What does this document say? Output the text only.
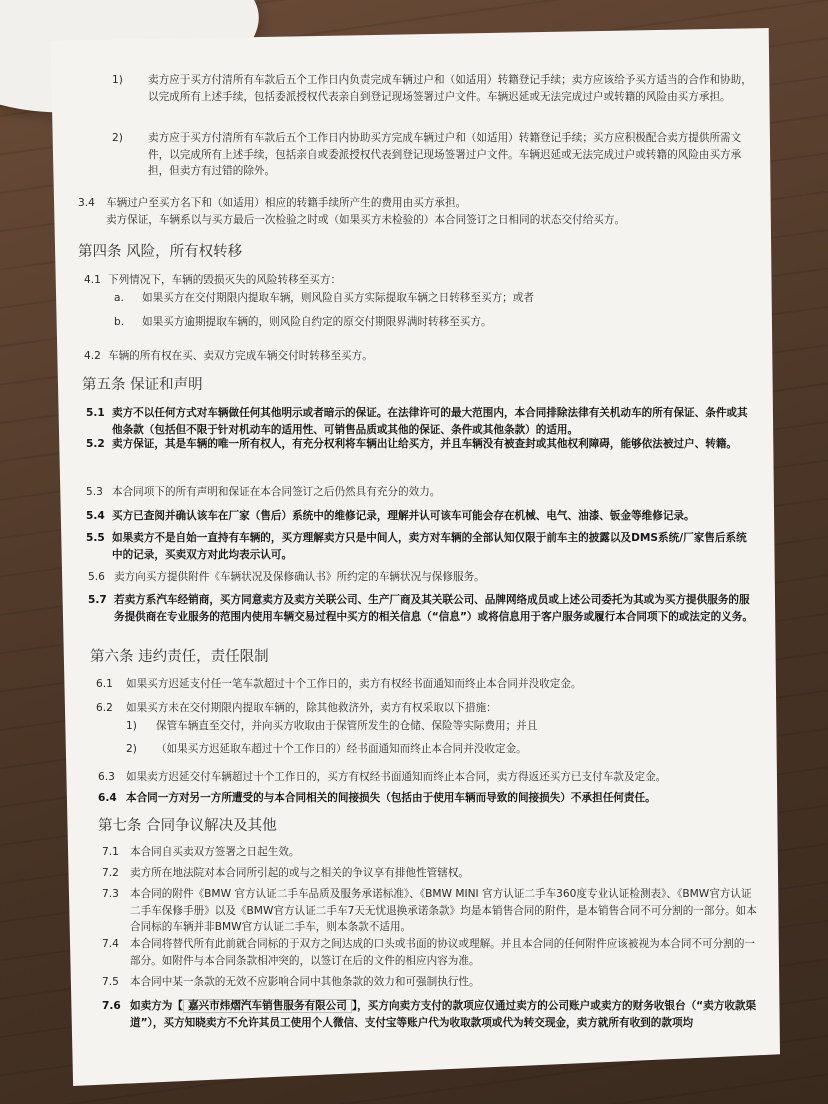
1)	卖方应于买方付清所有车款后五个工作日内负责完成车辆过户和（如适用）转籍登记手续；卖方应该给予买方适当的合作和协助，以完成所有上述手续，包括委派授权代表亲自到登记现场签署过户文件。车辆迟延或无法完成过户或转籍的风险由买方承担。
2)	卖方应于买方付清所有车款后五个工作日内协助买方完成车辆过户和（如适用）转籍登记手续；买方应积极配合卖方提供所需文件，以完成所有上述手续，包括亲自或委派授权代表到登记现场签署过户文件。车辆迟延或无法完成过户或转籍的风险由买方承担，但卖方有过错的除外。
3.4	车辆过户至买方名下和（如适用）相应的转籍手续所产生的费用由买方承担。
卖方保证，车辆系以与买方最后一次检验之时或（如果买方未检验的）本合同签订之日相同的状态交付给买方。
第四条 风险，所有权转移
4.1 下列情况下，车辆的毁损灭失的风险转移至买方：
a.	如果买方在交付期限内提取车辆，则风险自买方实际提取车辆之日转移至买方；或者
b.	如果买方逾期提取车辆的，则风险自约定的原交付期限界满时转移至买方。
4.2 车辆的所有权在买、卖双方完成车辆交付时转移至买方。
第五条 保证和声明
5.1 卖方不以任何方式对车辆做任何其他明示或者暗示的保证。在法律许可的最大范围内，本合同排除法律有关机动车的所有保证、条件或其他条款（包括但不限于针对机动车的适用性、可销售品质或其他的保证、条件或其他条款）的适用。
5.2 卖方保证，其是车辆的唯一所有权人，有充分权利将车辆出让给买方，并且车辆没有被查封或其他权利障碍，能够依法被过户、转籍。
5.3 本合同项下的所有声明和保证在本合同签订之后仍然具有充分的效力。
5.4 买方已查阅并确认该车在厂家（售后）系统中的维修记录，理解并认可该车可能会存在机械、电气、油漆、钣金等维修记录。
5.5 如果卖方不是自始一直持有车辆的，买方理解卖方只是中间人，卖方对车辆的全部认知仅限于前车主的披露以及DMS系统/厂家售后系统中的记录，买卖双方对此均表示认可。
5.6 卖方向买方提供附件《车辆状况及保修确认书》所约定的车辆状况与保修服务。
5.7 若卖方系汽车经销商，买方同意卖方及卖方关联公司、生产厂商及其关联公司、品牌网络成员或上述公司委托为其或为买方提供服务的服务提供商在专业服务的范围内使用车辆交易过程中买方的相关信息（“信息”）或将信息用于客户服务或履行本合同项下的或法定的义务。
第六条 违约责任，责任限制
6.1	如果买方迟延支付任一笔车款超过十个工作日的，卖方有权经书面通知而终止本合同并没收定金。
6.2	如果买方未在交付期限内提取车辆的，除其他救济外，卖方有权采取以下措施：
1)	保管车辆直至交付，并向买方收取由于保管所发生的仓储、保险等实际费用；并且
2)	（如果买方迟延取车超过十个工作日的）经书面通知而终止本合同并没收定金。
6.3	如果卖方迟延交付车辆超过十个工作日的，买方有权经书面通知而终止本合同，卖方得返还买方已支付车款及定金。
6.4 本合同一方对另一方所遭受的与本合同相关的间接损失（包括由于使用车辆而导致的间接损失）不承担任何责任。
第七条 合同争议解决及其他
7.1	本合同自买卖双方签署之日起生效。
7.2	卖方所在地法院对本合同所引起的或与之相关的争议享有排他性管辖权。
7.3	本合同的附件《BMW 官方认证二手车品质及服务承诺标准》、《BMW MINI 官方认证二手车360度专业认证检测表》、《BMW官方认证二手车保修手册》以及《BMW官方认证二手车7天无忧退换承诺条款》均是本销售合同的附件，是本销售合同不可分割的一部分。如本合同标的车辆并非BMW官方认证二手车，则本条款不适用。
7.4	本合同将替代所有此前就合同标的于双方之间达成的口头或书面的协议或理解。并且本合同的任何附件应该被视为本合同不可分割的一部分。如附件与本合同条款相冲突的，以签订在后的文件的相应内容为准。
7.5	本合同中某一条款的无效不应影响合同中其他条款的效力和可强制执行性。
7.6 如卖方为【 嘉兴市炜熠汽车销售服务有限公司 】，买方向卖方支付的款项应仅通过卖方的公司账户或卖方的财务收银台（“卖方收款渠道”），买方知晓卖方不允许其员工使用个人微信、支付宝等账户代为收取款项或代为转交现金，卖方就所有收到的款项均
